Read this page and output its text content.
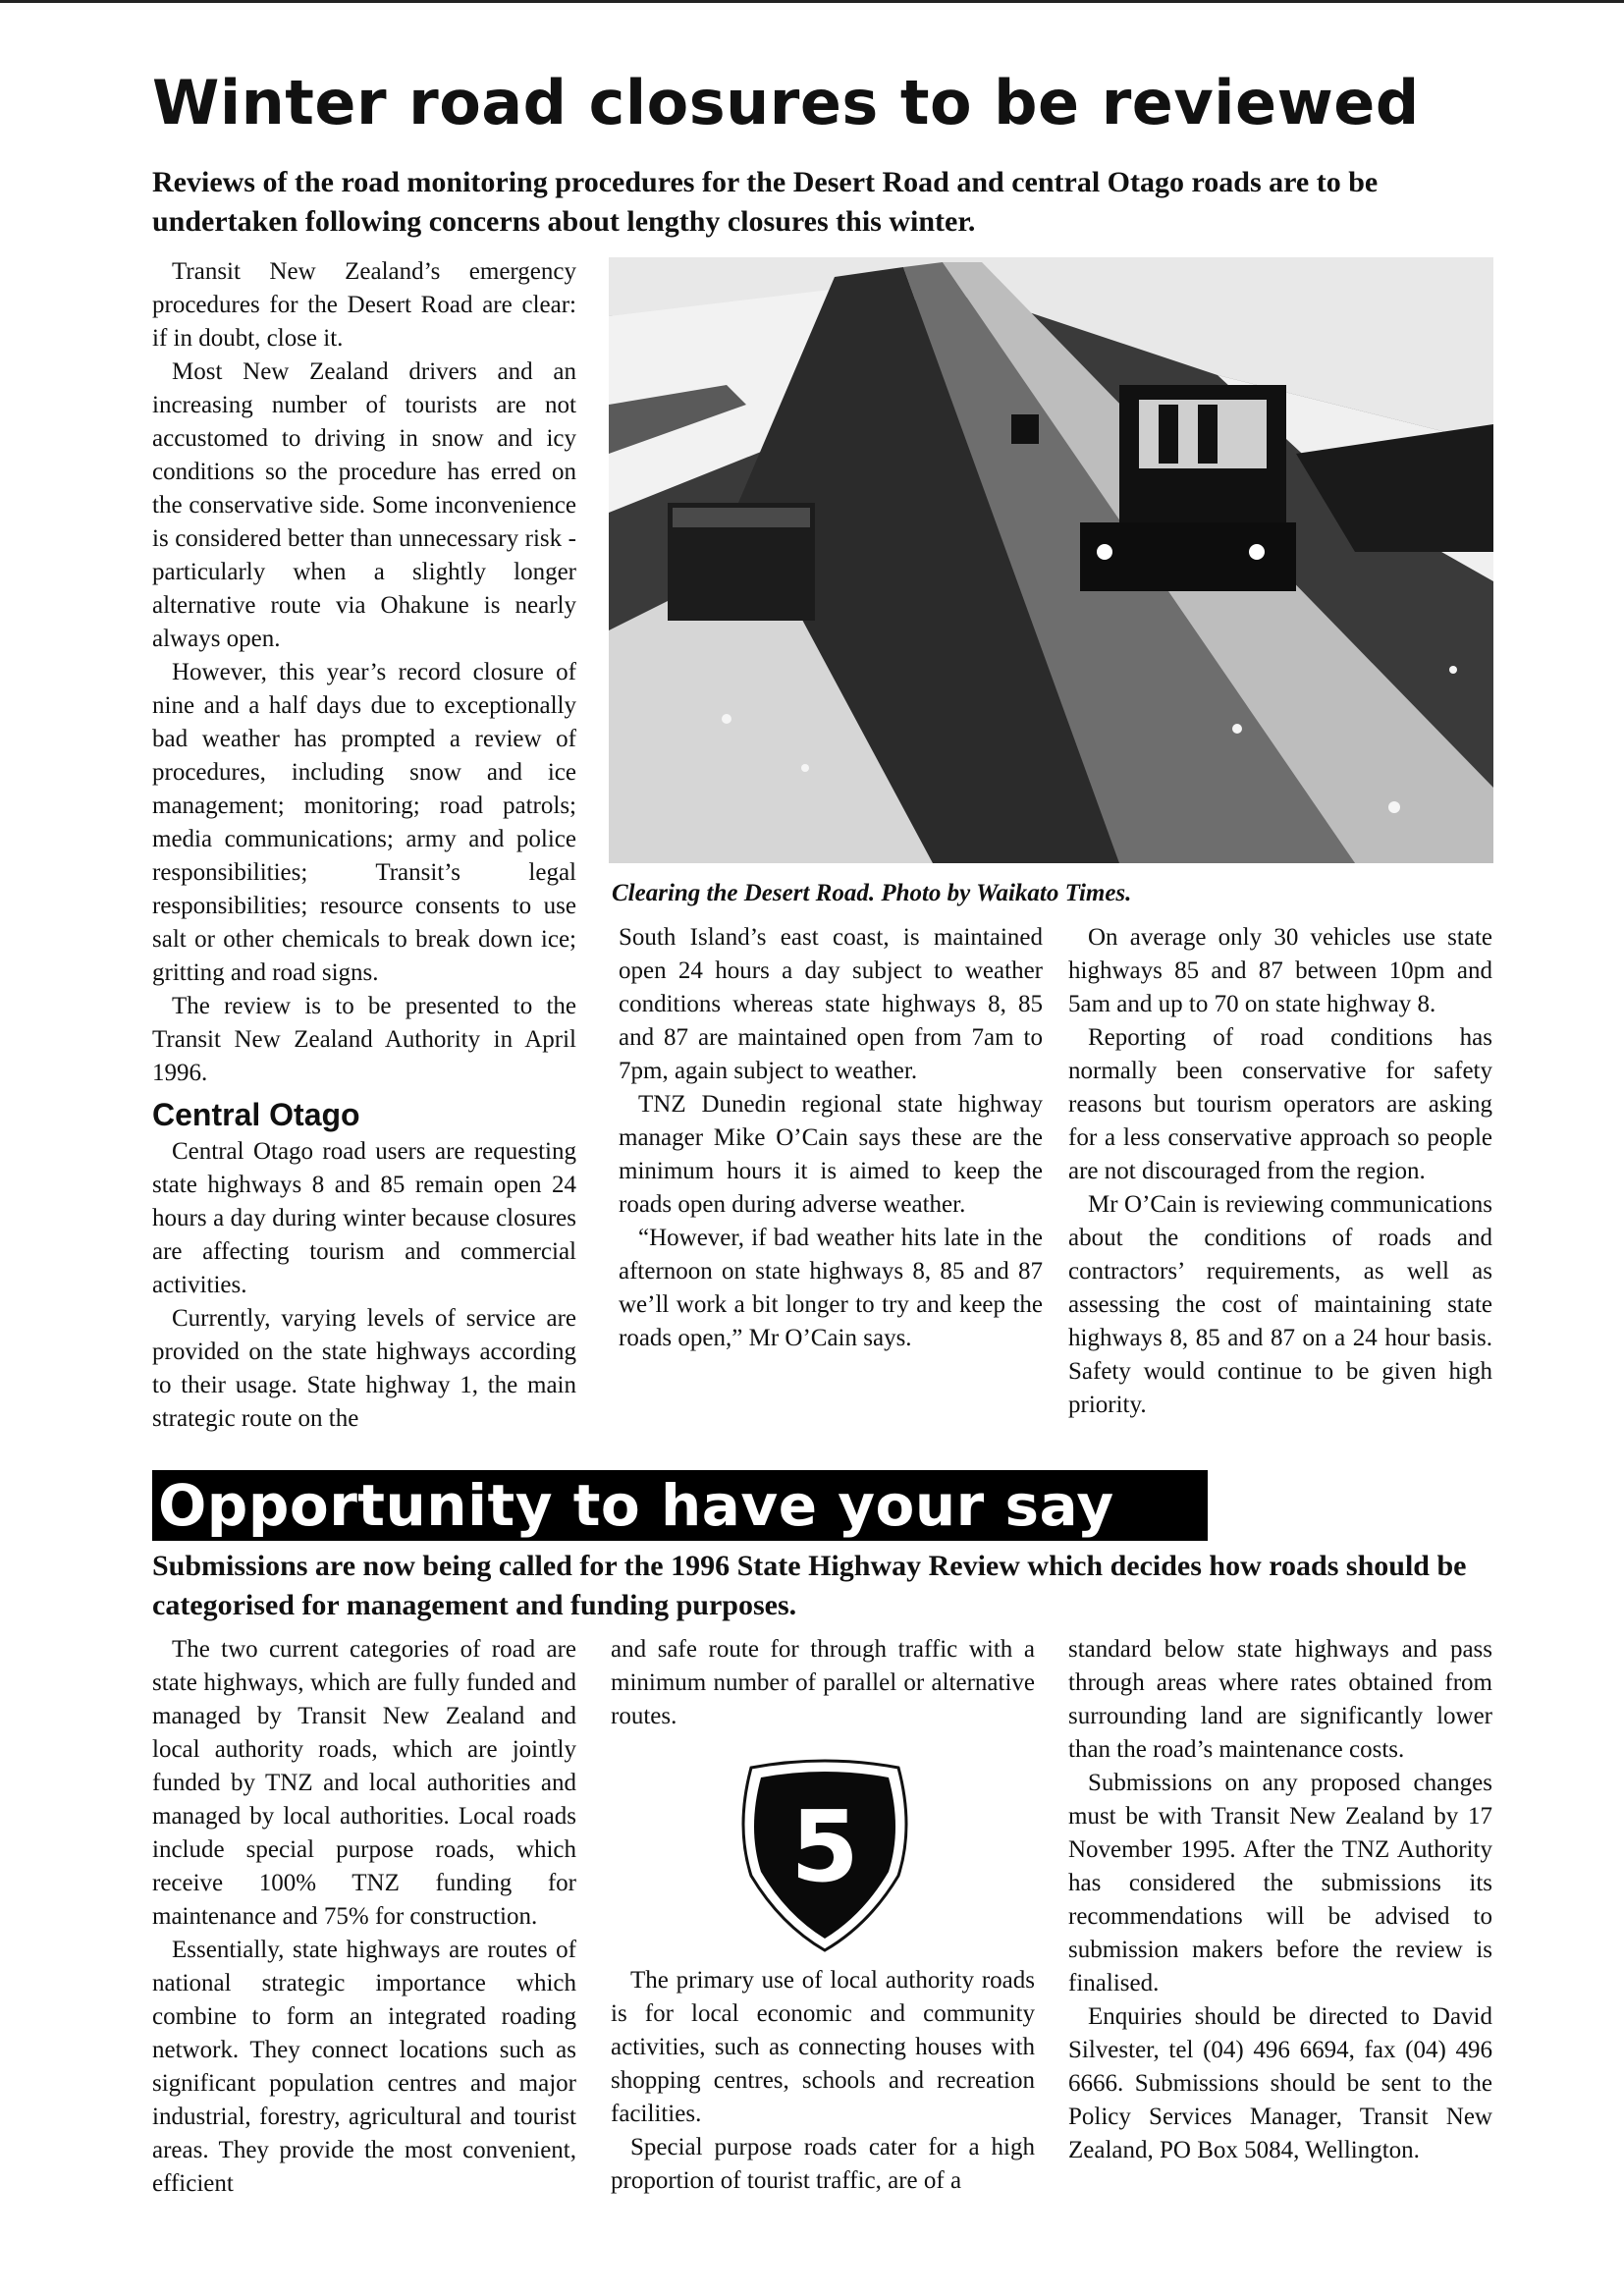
Winter road closures to be reviewed

Reviews of the road monitoring procedures for the Desert Road and central Otago roads are to be undertaken following concerns about lengthy closures this winter.

Transit New Zealand’s emergency procedures for the Desert Road are clear: if in doubt, close it.

Most New Zealand drivers and an increasing number of tourists are not accustomed to driving in snow and icy conditions so the procedure has erred on the conservative side. Some inconvenience is considered better than unnecessary risk - particularly when a slightly longer alternative route via Ohakune is nearly always open.

However, this year’s record closure of nine and a half days due to exceptionally bad weather has prompted a review of procedures, including snow and ice management; monitoring; road patrols; media communications; army and police responsibilities; Transit’s legal responsibilities; resource consents to use salt or other chemicals to break down ice; gritting and road signs.

The review is to be presented to the Transit New Zealand Authority in April 1996.

Central Otago

Central Otago road users are requesting state highways 8 and 85 remain open 24 hours a day during winter because closures are affecting tourism and commercial activities.

Currently, varying levels of service are provided on the state highways according to their usage. State highway 1, the main strategic route on the

Clearing the Desert Road. Photo by Waikato Times.

South Island’s east coast, is maintained open 24 hours a day subject to weather conditions whereas state highways 8, 85 and 87 are maintained open from 7am to 7pm, again subject to weather.

TNZ Dunedin regional state highway manager Mike O’Cain says these are the minimum hours it is aimed to keep the roads open during adverse weather.

“However, if bad weather hits late in the afternoon on state highways 8, 85 and 87 we’ll work a bit longer to try and keep the roads open,” Mr O’Cain says.

On average only 30 vehicles use state highways 85 and 87 between 10pm and 5am and up to 70 on state highway 8.

Reporting of road conditions has normally been conservative for safety reasons but tourism operators are asking for a less conservative approach so people are not discouraged from the region.

Mr O’Cain is reviewing communications about the conditions of roads and contractors’ requirements, as well as assessing the cost of maintaining state highways 8, 85 and 87 on a 24 hour basis. Safety would continue to be given high priority.

Opportunity to have your say

Submissions are now being called for the 1996 State Highway Review which decides how roads should be categorised for management and funding purposes.

The two current categories of road are state highways, which are fully funded and managed by Transit New Zealand and local authority roads, which are jointly funded by TNZ and local authorities and managed by local authorities. Local roads include special purpose roads, which receive 100% TNZ funding for maintenance and 75% for construction.

Essentially, state highways are routes of national strategic importance which combine to form an integrated roading network. They connect locations such as significant population centres and major industrial, forestry, agricultural and tourist areas. They provide the most convenient, efficient

and safe route for through traffic with a minimum number of parallel or alternative routes.

5

The primary use of local authority roads is for local economic and community activities, such as connecting houses with shopping centres, schools and recreation facilities.

Special purpose roads cater for a high proportion of tourist traffic, are of a

standard below state highways and pass through areas where rates obtained from surrounding land are significantly lower than the road’s maintenance costs.

Submissions on any proposed changes must be with Transit New Zealand by 17 November 1995. After the TNZ Authority has considered the submissions its recommendations will be advised to submission makers before the review is finalised.

Enquiries should be directed to David Silvester, tel (04) 496 6694, fax (04) 496 6666. Submissions should be sent to the Policy Services Manager, Transit New Zealand, PO Box 5084, Wellington.
